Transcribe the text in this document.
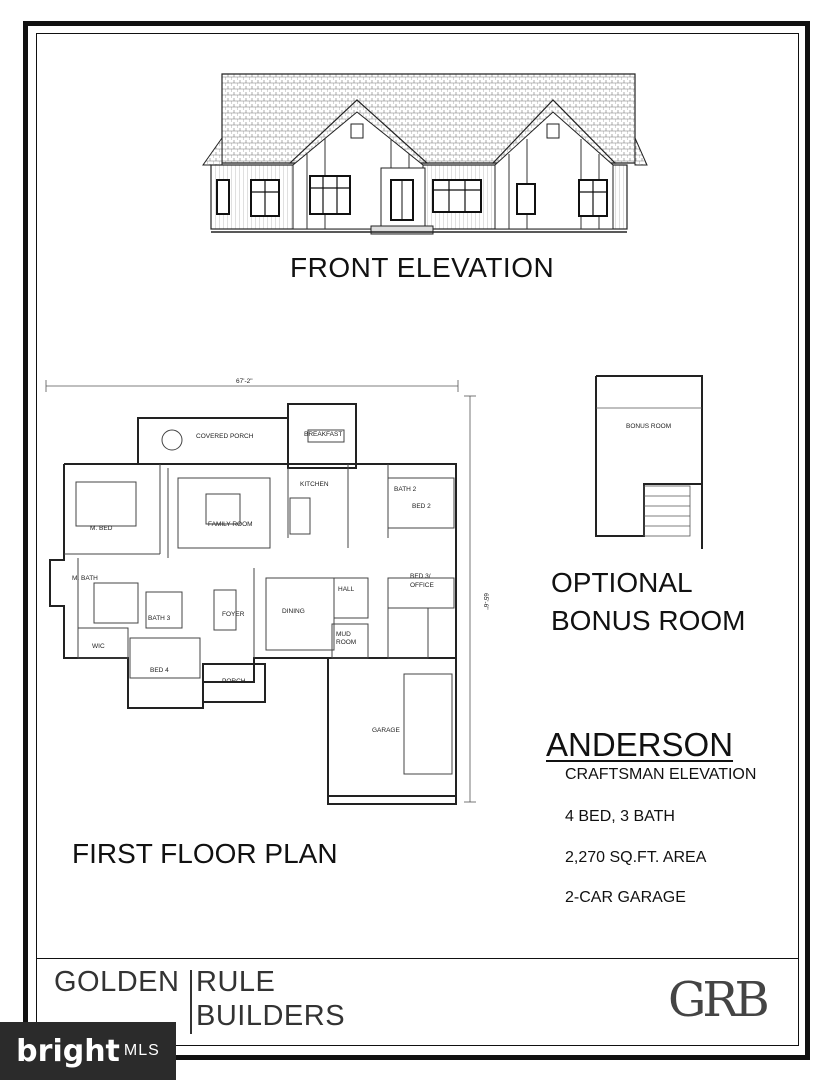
FRONT ELEVATION
67'-2"
65'-6"
COVERED PORCH	BREAKFAST
KITCHEN
M. BED
FAMILY ROOM
BATH 2
BED 2
M. BATH
BATH 3
FOYER	DINING
HALL
BED 3/
OFFICE
WIC
MUD
ROOM
BED 4
PORCH
GARAGE
FIRST FLOOR PLAN
BONUS ROOM
OPTIONAL
BONUS ROOM
ANDERSON
CRAFTSMAN ELEVATION
4 BED, 3 BATH
2,270 SQ.FT. AREA
2-CAR GARAGE
GOLDEN RULE
BUILDERS	GRB
bright MLS
